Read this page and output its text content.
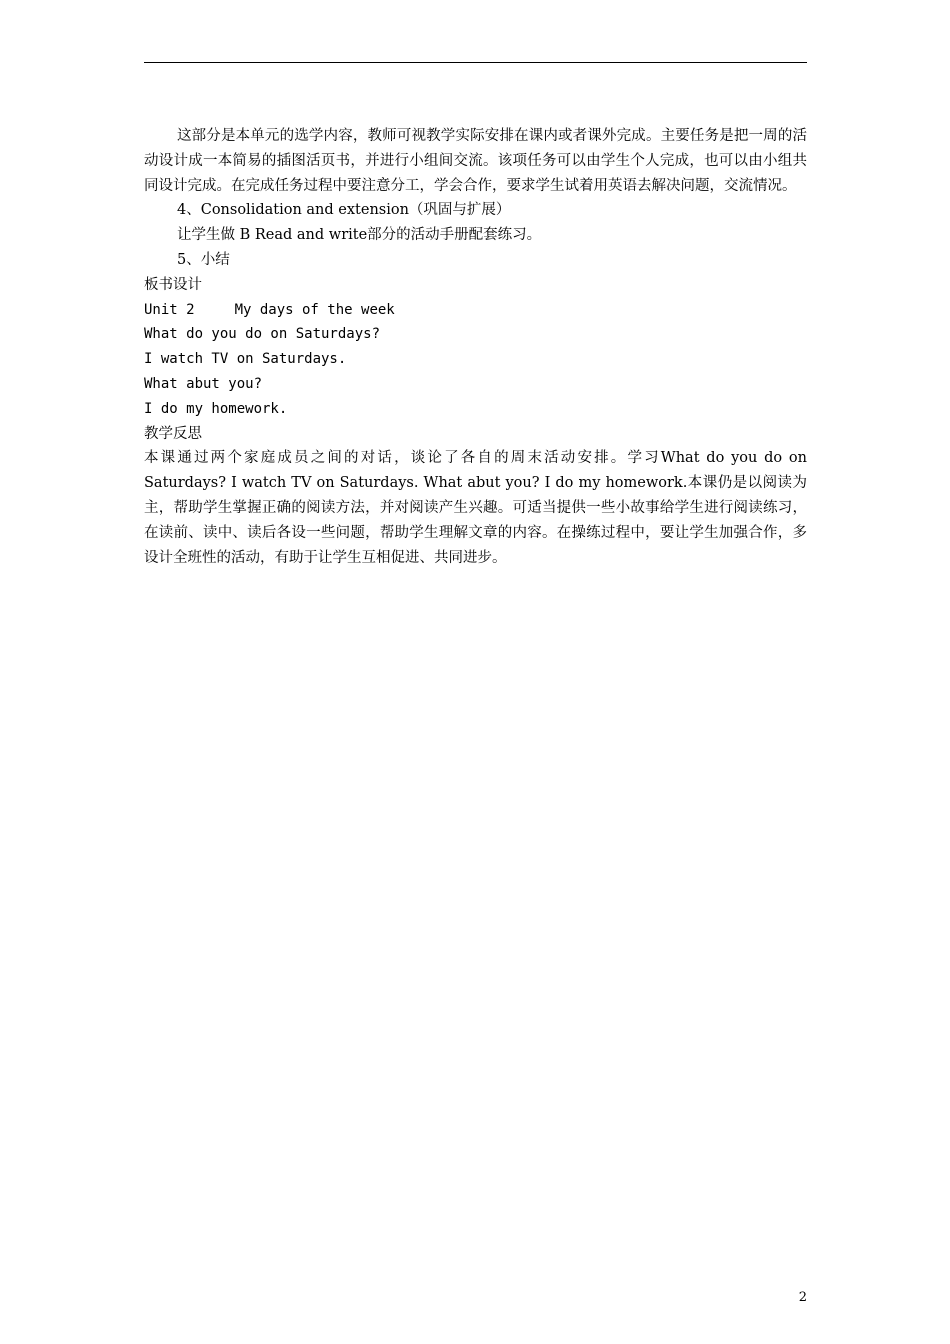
这部分是本单元的选学内容，教师可视教学实际安排在课内或者课外完成。主要任务是把一周的活动设计成一本简易的插图活页书，并进行小组间交流。该项任务可以由学生个人完成，也可以由小组共同设计完成。在完成任务过程中要注意分工，学会合作，要求学生试着用英语去解决问题，交流情况。

4、Consolidation and extension（巩固与扩展）

让学生做 B Read and write部分的活动手册配套练习。

5、小结

板书设计

Unit 2	My days of the week

What do you do on Saturdays?

I watch TV on Saturdays.

What abut you?

I do my homework.

教学反思

本课通过两个家庭成员之间的对话，谈论了各自的周末活动安排。学习What do you do on Saturdays? I watch TV on Saturdays. What abut you? I do my homework.本课仍是以阅读为主，帮助学生掌握正确的阅读方法，并对阅读产生兴趣。可适当提供一些小故事给学生进行阅读练习，在读前、读中、读后各设一些问题，帮助学生理解文章的内容。在操练过程中，要让学生加强合作，多设计全班性的活动，有助于让学生互相促进、共同进步。

2
